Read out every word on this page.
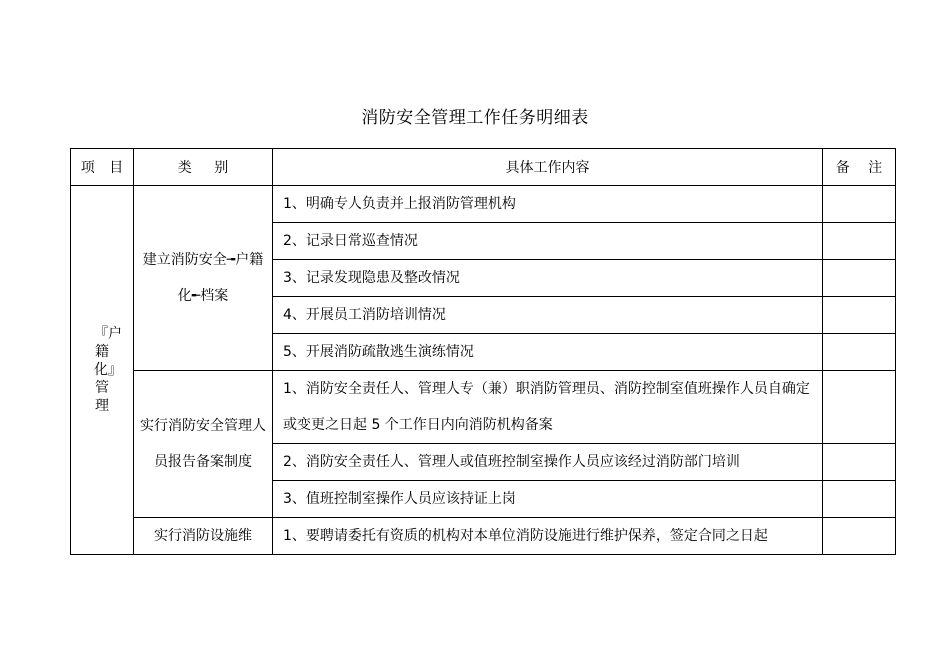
消防安全管理工作任务明细表
项 目	类 别	具体工作内容	备 注
『户籍化』管理	建立消防安全╼户籍化╾档案	1、明确专人负责并上报消防管理机构	

		2、记录日常巡查情况	

		3、记录发现隐患及整改情况	

		4、开展员工消防培训情况	

		5、开展消防疏散逃生演练情况	

	实行消防安全管理人员报告备案制度	1、消防安全责任人、管理人专（兼）职消防管理员、消防控制室值班操作人员自确定或变更之日起 5 个工作日内向消防机构备案	

		2、消防安全责任人、管理人或值班控制室操作人员应该经过消防部门培训	

		3、值班控制室操作人员应该持证上岗	

	实行消防设施维	1、要聘请委托有资质的机构对本单位消防设施进行维护保养，签定合同之日起	
